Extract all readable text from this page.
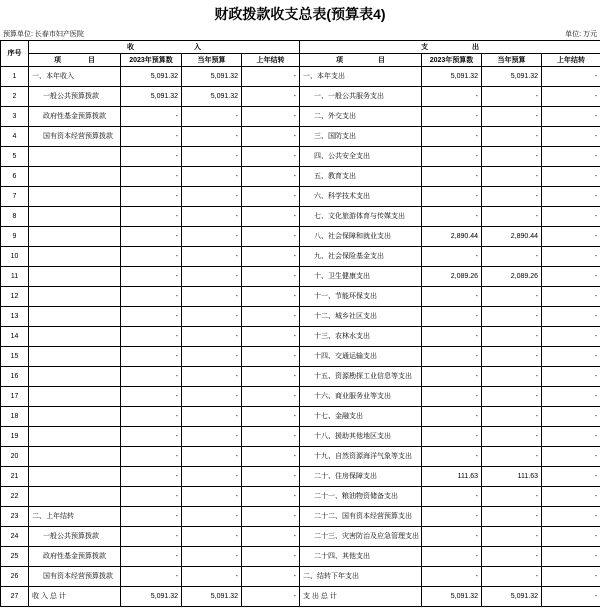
财政拨款收支总表(预算表4)
预算单位: 长春市妇产医院	单位: 万元
序号	收 入				支 出			
	项 目	2023年预算数	当年预算	上年结转	项 目	2023年预算数	当年预算	上年结转
1	一、本年收入	5,091.32	5,091.32	-	一、本年支出	5,091.32	5,091.32	-
2	一般公共预算拨款	5,091.32	5,091.32	-	一、一般公共服务支出	-	-	-
3	政府性基金预算拨款	-	-	-	二、外交支出	-	-	-
4	国有资本经营预算拨款	-	-	-	三、国防支出	-	-	-
5		-	-	-	四、公共安全支出	-	-	-
6		-	-	-	五、教育支出	-	-	-
7		-	-	-	六、科学技术支出	-	-	-
8		-	-	-	七、文化旅游体育与传媒支出	-	-	-
9		-	-	-	八、社会保障和就业支出	2,890.44	2,890.44	-
10		-	-	-	九、社会保险基金支出	-	-	-
11		-	-	-	十、卫生健康支出	2,089.26	2,089.26	-
12		-	-	-	十一、节能环保支出	-	-	-
13		-	-	-	十二、城乡社区支出	-	-	-
14		-	-	-	十三、农林水支出	-	-	-
15		-	-	-	十四、交通运输支出	-	-	-
16		-	-	-	十五、资源勘探工业信息等支出	-	-	-
17		-	-	-	十六、商业服务业等支出	-	-	-
18		-	-	-	十七、金融支出	-	-	-
19		-	-	-	十八、援助其他地区支出	-	-	-
20		-	-	-	十九、自然资源海洋气象等支出	-	-	-
21		-	-	-	二十、住房保障支出	111.63	111.63	-
22		-	-	-	二十一、粮油物资储备支出	-	-	-
23	二、上年结转	-	-	-	二十二、国有资本经营预算支出	-	-	-
24	一般公共预算拨款	-	-	-	二十三、灾害防治及应急管理支出	-	-	-
25	政府性基金预算拨款	-	-	-	二十四、其他支出	-	-	-
26	国有资本经营预算拨款	-	-	-	二、结转下年支出	-	-	-
27	收 入 总 计	5,091.32	5,091.32	-	支 出 总 计	5,091.32	5,091.32	-
